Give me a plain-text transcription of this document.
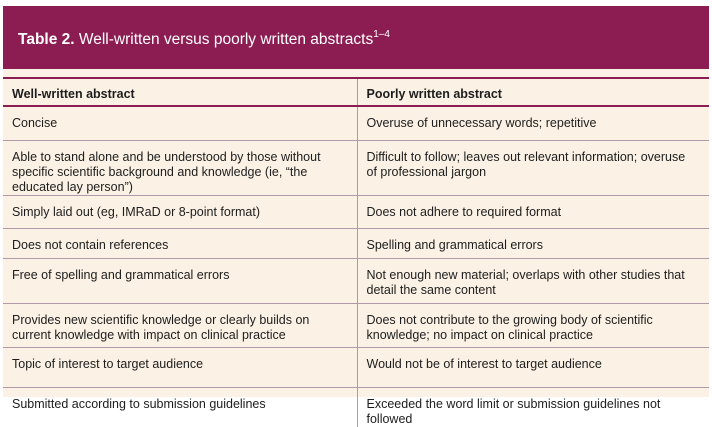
Table 2. Well-written versus poorly written abstracts$^{1-4}$
Well-written abstract	Poorly written abstract
Concise	Overuse of unnecessary words; repetitive
Able to stand alone and be understood by those without specific scientific background and knowledge (ie, “the educated lay person”)	Difficult to follow; leaves out relevant information; overuse of professional jargon
Simply laid out (eg, IMRaD or 8-point format)	Does not adhere to required format
Does not contain references	Spelling and grammatical errors
Free of spelling and grammatical errors	Not enough new material; overlaps with other studies that detail the same content
Provides new scientific knowledge or clearly builds on current knowledge with impact on clinical practice	Does not contribute to the growing body of scientific knowledge; no impact on clinical practice
Topic of interest to target audience	Would not be of interest to target audience
Submitted according to submission guidelines	Exceeded the word limit or submission guidelines not followed
